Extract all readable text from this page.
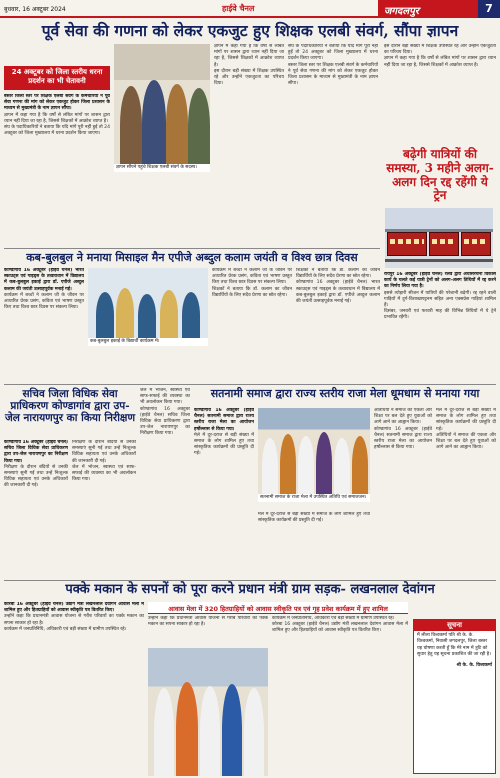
बुधवार, 16 अक्टूबर 2024	हाईवे चैनल	जगदलपुर	7
पूर्व सेवा की गणना को लेकर एकजुट हुए शिक्षक एलबी संवर्ग, सौंपा ज्ञापन
24 अक्टूबर को जिला स्तरीय धरना प्रदर्शन का भी चेतावनी
बस्तर जिला स्तर पर शिक्षक एलबी संवर्ग के कर्मचारियों ने पूर्व सेवा गणना की मांग को लेकर एकजुट होकर जिला प्रशासन के माध्यम से मुख्यमंत्री के नाम ज्ञापन सौंपा।
ज्ञापन में कहा गया है कि वर्षों से लंबित मांगों पर शासन द्वारा ध्यान नहीं दिया जा रहा है, जिससे शिक्षकों में आक्रोश व्याप्त है।
संघ के पदाधिकारियों ने बताया कि यदि मांगें पूरी नहीं हुईं तो 24 अक्टूबर को जिला मुख्यालय में धरना प्रदर्शन किया जाएगा।
ज्ञापन सौंपने पहुंचे शिक्षक एलबी संवर्ग के सदस्य।
ज्ञापन में कहा गया है कि वर्षों से लंबित मांगों पर शासन द्वारा ध्यान नहीं दिया जा रहा है, जिससे शिक्षकों में आक्रोश व्याप्त है।
इस दौरान बड़ी संख्या में शिक्षक उपस्थित रहे और उन्होंने एकजुटता का परिचय दिया।
संघ के पदाधिकारियों ने बताया कि यदि मांगें पूरी नहीं हुईं तो 24 अक्टूबर को जिला मुख्यालय में धरना प्रदर्शन किया जाएगा।
बस्तर जिला स्तर पर शिक्षक एलबी संवर्ग के कर्मचारियों ने पूर्व सेवा गणना की मांग को लेकर एकजुट होकर जिला प्रशासन के माध्यम से मुख्यमंत्री के नाम ज्ञापन सौंपा।
इस दौरान बड़ी संख्या में शिक्षक उपस्थित रहे और उन्होंने एकजुटता का परिचय दिया।
ज्ञापन में कहा गया है कि वर्षों से लंबित मांगों पर शासन द्वारा ध्यान नहीं दिया जा रहा है, जिससे शिक्षकों में आक्रोश व्याप्त है।
कब-बुलबुल ने मनाया मिसाइल मैन एपीजे अब्दुल कलाम जयंती व विश्व छात्र दिवस
कोण्डागांव 16 अक्टूबर (हाईवे चैनल) भारत स्काउट्स एवं गाइड्स के तत्वावधान में विद्यालय में कब-बुलबुल इकाई द्वारा डॉ. एपीजे अब्दुल कलाम की जयंती उत्साहपूर्वक मनाई गई।
कार्यक्रम में बच्चों ने कलाम जी के जीवन पर आधारित प्रेरक प्रसंग, कविता एवं भाषण प्रस्तुत किए तथा विश्व छात्र दिवस पर संकल्प लिया।
कब-बुलबुल इकाई के विद्यार्थी कार्यक्रम में।
कार्यक्रम में बच्चों ने कलाम जी के जीवन पर आधारित प्रेरक प्रसंग, कविता एवं भाषण प्रस्तुत किए तथा विश्व छात्र दिवस पर संकल्प लिया।
शिक्षकों ने बताया कि डॉ. कलाम का जीवन विद्यार्थियों के लिए सदैव प्रेरणा का स्रोत रहेगा।
शिक्षकों ने बताया कि डॉ. कलाम का जीवन विद्यार्थियों के लिए सदैव प्रेरणा का स्रोत रहेगा।
कोण्डागांव 16 अक्टूबर (हाईवे चैनल) भारत स्काउट्स एवं गाइड्स के तत्वावधान में विद्यालय में कब-बुलबुल इकाई द्वारा डॉ. एपीजे अब्दुल कलाम की जयंती उत्साहपूर्वक मनाई गई।
बढ़ेगी यात्रियों की समस्या, 3 महीने अलग-अलग दिन रद्द रहेंगी ये ट्रेन
रायपुर 16 अक्टूबर (हाईवे चैनल) रेलवे द्वारा अधोसंरचना विकास कार्य के चलते कई यात्री ट्रेनों को अलग-अलग तिथियों में रद्द करने का निर्णय लिया गया है।
इससे त्योहारी सीजन में यात्रियों की परेशानी बढ़ेगी। रद्द रहने वाली गाड़ियों में दुर्ग-विशाखापट्टनम सहित अन्य एक्सप्रेस गाड़ियां शामिल हैं।
दिसंबर, जनवरी एवं फरवरी माह की विभिन्न तिथियों में ये ट्रेनें प्रभावित रहेंगी।
सचिव जिला विधिक सेवा प्राधिकरण कोण्डागांव द्वारा उप-जेल नारायणपुर का किया निरीक्षण
कोण्डागांव 16 अक्टूबर (हाईवे चैनल) सचिव जिला विधिक सेवा प्राधिकरण द्वारा उप-जेल नारायणपुर का निरीक्षण किया गया।
निरीक्षण के दौरान बंदियों से उनकी समस्याएं सुनी गईं तथा उन्हें निःशुल्क विधिक सहायता एवं उनके अधिकारों की जानकारी दी गई।
निरीक्षण के दौरान बंदियों से उनकी समस्याएं सुनी गईं तथा उन्हें निःशुल्क विधिक सहायता एवं उनके अधिकारों की जानकारी दी गई।
जेल में भोजन, स्वास्थ्य एवं साफ-सफाई की व्यवस्था का भी अवलोकन किया गया।
जेल में भोजन, स्वास्थ्य एवं साफ-सफाई की व्यवस्था का भी अवलोकन किया गया।
कोण्डागांव 16 अक्टूबर (हाईवे चैनल) सचिव जिला विधिक सेवा प्राधिकरण द्वारा उप-जेल नारायणपुर का निरीक्षण किया गया।
सतनामी समाज द्वारा राज्य स्तरीय राजा मेला धूमधाम से मनाया गया
कोण्डागांव 16 अक्टूबर (हाईवे चैनल) सतनामी समाज द्वारा राज्य स्तरीय राजा मेला का आयोजन हर्षोल्लास से किया गया।
मेले में दूर-दराज से बड़ी संख्या में समाज के लोग शामिल हुए तथा सांस्कृतिक कार्यक्रमों की प्रस्तुति दी गई।
सतनामी समाज के राजा मेला में उपस्थित अतिथि एवं समाजजन।
मेले में दूर-दराज से बड़ी संख्या में समाज के लोग शामिल हुए तथा सांस्कृतिक कार्यक्रमों की प्रस्तुति दी गई।
अतिथियों ने समाज की एकता और शिक्षा पर बल देते हुए युवाओं को आगे आने का आह्वान किया।
कोण्डागांव 16 अक्टूबर (हाईवे चैनल) सतनामी समाज द्वारा राज्य स्तरीय राजा मेला का आयोजन हर्षोल्लास से किया गया।
मेले में दूर-दराज से बड़ी संख्या में समाज के लोग शामिल हुए तथा सांस्कृतिक कार्यक्रमों की प्रस्तुति दी गई।
अतिथियों ने समाज की एकता और शिक्षा पर बल देते हुए युवाओं को आगे आने का आह्वान किया।
पक्के मकान के सपनों को पूरा करने प्रधान मंत्री ग्राम सड़क- लखनलाल देवांगन
कोरबा 16 अक्टूबर (हाईवे चैनल) उद्योग मंत्री लखनलाल देवांगन आवास मेला में शामिल हुए और हितग्राहियों को आवास स्वीकृति पत्र वितरित किए।
उन्होंने कहा कि प्रधानमंत्री आवास योजना से गरीब परिवारों का पक्के मकान का सपना साकार हो रहा है।
कार्यक्रम में जनप्रतिनिधि, अधिकारी एवं बड़ी संख्या में ग्रामीण उपस्थित रहे।
आवास मेला में 320 हितग्राहियों को आवास स्वीकृति पत्र एवं गृह प्रवेश कार्यक्रम में हुए शामिल
उन्होंने कहा कि प्रधानमंत्री आवास योजना से गरीब परिवारों का पक्के मकान का सपना साकार हो रहा है।
कार्यक्रम में जनप्रतिनिधि, अधिकारी एवं बड़ी संख्या में ग्रामीण उपस्थित रहे।
कोरबा 16 अक्टूबर (हाईवे चैनल) उद्योग मंत्री लखनलाल देवांगन आवास मेला में शामिल हुए और हितग्राहियों को आवास स्वीकृति पत्र वितरित किए।
सूचना
मैं लीला विश्वकर्मा पति श्री के. के. विश्वकर्मा, निवासी जगदलपुर, जिला बस्तर यह घोषणा करती हूँ कि मेरे नाम में त्रुटि को सुधार हेतु यह सूचना प्रकाशित की जा रही है।
श्री के. के. विश्वकर्मा
